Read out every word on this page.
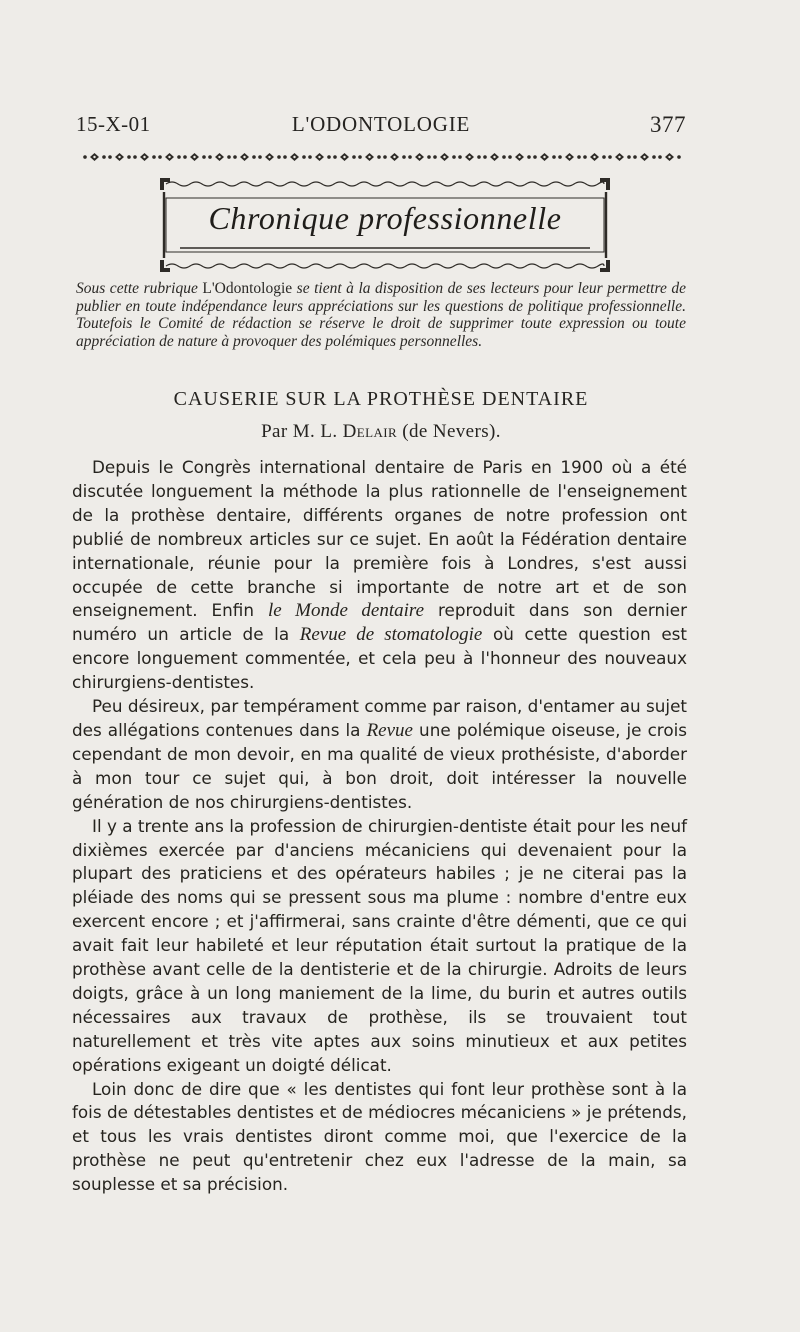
15-X-01	L'ODONTOLOGIE	377
Chronique professionnelle
Sous cette rubrique L'Odontologie se tient à la disposition de ses lecteurs pour leur permettre de publier en toute indépendance leurs appréciations sur les questions de politique professionnelle. Toutefois le Comité de rédaction se réserve le droit de supprimer toute expression ou toute appréciation de nature à provoquer des polémiques personnelles.
CAUSERIE SUR LA PROTHÈSE DENTAIRE
Par M. L. Delair (de Nevers).

Depuis le Congrès international dentaire de Paris en 1900 où a été discutée longuement la méthode la plus rationnelle de l'enseignement de la prothèse dentaire, différents organes de notre profession ont publié de nombreux articles sur ce sujet. En août la Fédération dentaire internationale, réunie pour la première fois à Londres, s'est aussi occupée de cette branche si importante de notre art et de son enseignement. Enfin le Monde dentaire reproduit dans son dernier numéro un article de la Revue de stomatologie où cette question est encore longuement commentée, et cela peu à l'honneur des nouveaux chirurgiens-dentistes.

Peu désireux, par tempérament comme par raison, d'entamer au sujet des allégations contenues dans la Revue une polémique oiseuse, je crois cependant de mon devoir, en ma qualité de vieux prothésiste, d'aborder à mon tour ce sujet qui, à bon droit, doit intéresser la nouvelle génération de nos chirurgiens-dentistes.

Il y a trente ans la profession de chirurgien-dentiste était pour les neuf dixièmes exercée par d'anciens mécaniciens qui devenaient pour la plupart des praticiens et des opérateurs habiles ; je ne citerai pas la pléiade des noms qui se pressent sous ma plume : nombre d'entre eux exercent encore ; et j'affirmerai, sans crainte d'être démenti, que ce qui avait fait leur habileté et leur réputation était surtout la pratique de la prothèse avant celle de la dentisterie et de la chirurgie. Adroits de leurs doigts, grâce à un long maniement de la lime, du burin et autres outils nécessaires aux travaux de prothèse, ils se trouvaient tout naturellement et très vite aptes aux soins minutieux et aux petites opérations exigeant un doigté délicat.

Loin donc de dire que « les dentistes qui font leur prothèse sont à la fois de détestables dentistes et de médiocres mécaniciens » je prétends, et tous les vrais dentistes diront comme moi, que l'exercice de la prothèse ne peut qu'entretenir chez eux l'adresse de la main, sa souplesse et sa précision.
